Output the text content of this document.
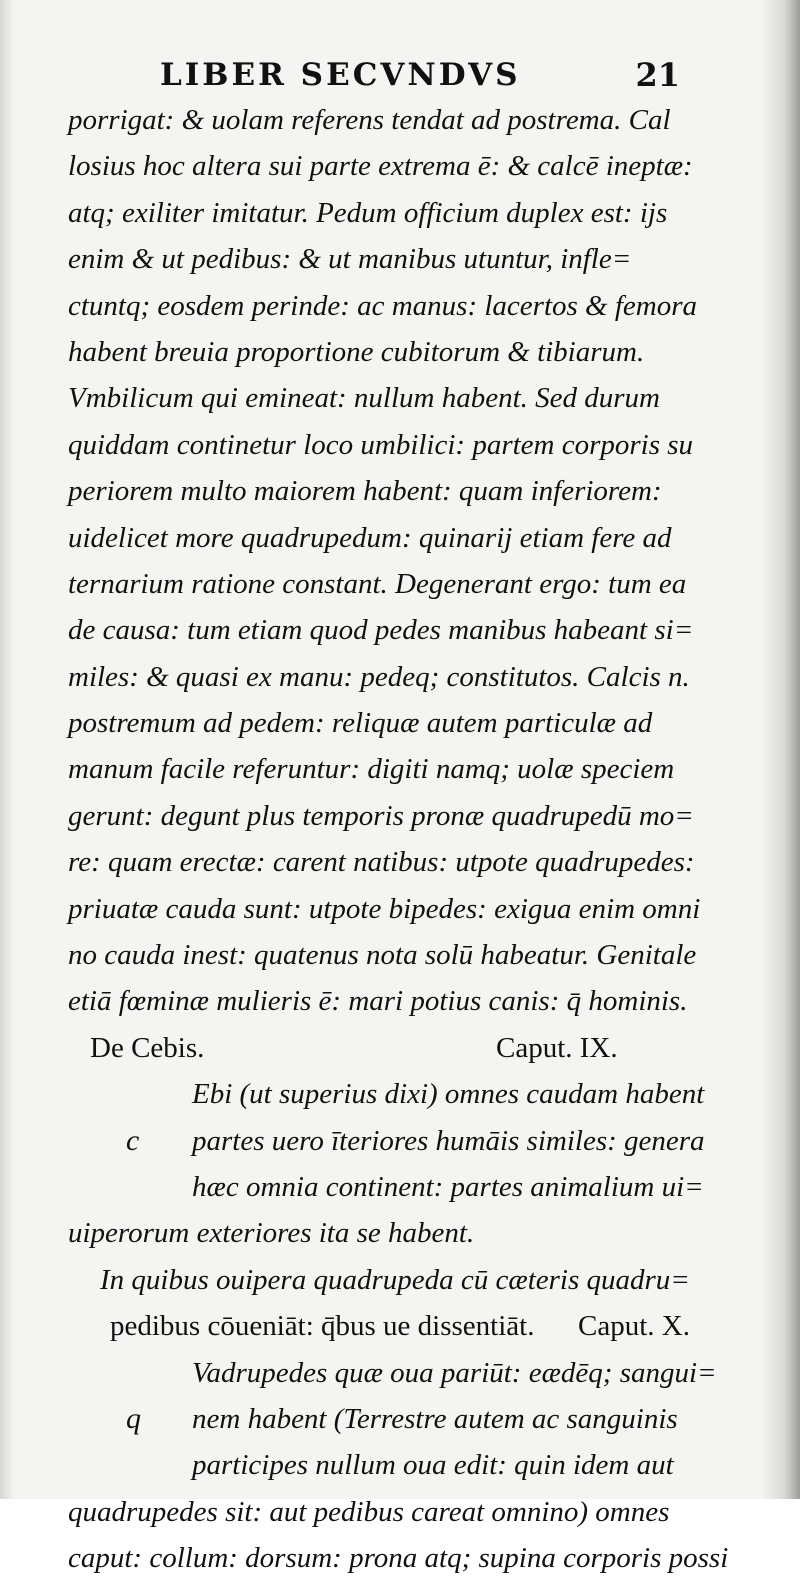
LIBER SECVNDVS	21
porrigat: & uolam referens tendat ad postrema. Cal
losius hoc altera sui parte extrema ē: & calcē ineptæ:
atq; exiliter imitatur. Pedum officium duplex est: ijs
enim & ut pedibus: & ut manibus utuntur, infle=
ctuntq; eosdem perinde: ac manus: lacertos & femora
habent breuia proportione cubitorum & tibiarum.
Vmbilicum qui emineat: nullum habent. Sed durum
quiddam continetur loco umbilici: partem corporis su
periorem multo maiorem habent: quam inferiorem:
uidelicet more quadrupedum: quinarij etiam fere ad
ternarium ratione constant. Degenerant ergo: tum ea
de causa: tum etiam quod pedes manibus habeant si=
miles: & quasi ex manu: pedeq; constitutos. Calcis n.
postremum ad pedem: reliquæ autem particulæ ad
manum facile referuntur: digiti namq; uolæ speciem
gerunt: degunt plus temporis pronæ quadrupedū mo=
re: quam erectæ: carent natibus: utpote quadrupedes:
priuatæ cauda sunt: utpote bipedes: exigua enim omni
no cauda inest: quatenus nota solū habeatur. Genitale
etiā fœminæ mulieris ē: mari potius canis: q̄ hominis.
De Cebis.	Caput. IX.
Ebi (ut superius dixi) omnes caudam habent
c partes uero īteriores humāis similes: genera
hæc omnia continent: partes animalium ui=
uiperorum exteriores ita se habent.
In quibus ouipera quadrupeda cū cæteris quadru=
pedibus cōueniāt: q̄bus ue dissentiāt. Caput. X.
Vadrupedes quæ oua pariūt: eædēq; sangui=
q nem habent (Terrestre autem ac sanguinis
participes nullum oua edit: quin idem aut
quadrupedes sit: aut pedibus careat omnino) omnes
caput: collum: dorsum: prona atq; supina corporis possi
